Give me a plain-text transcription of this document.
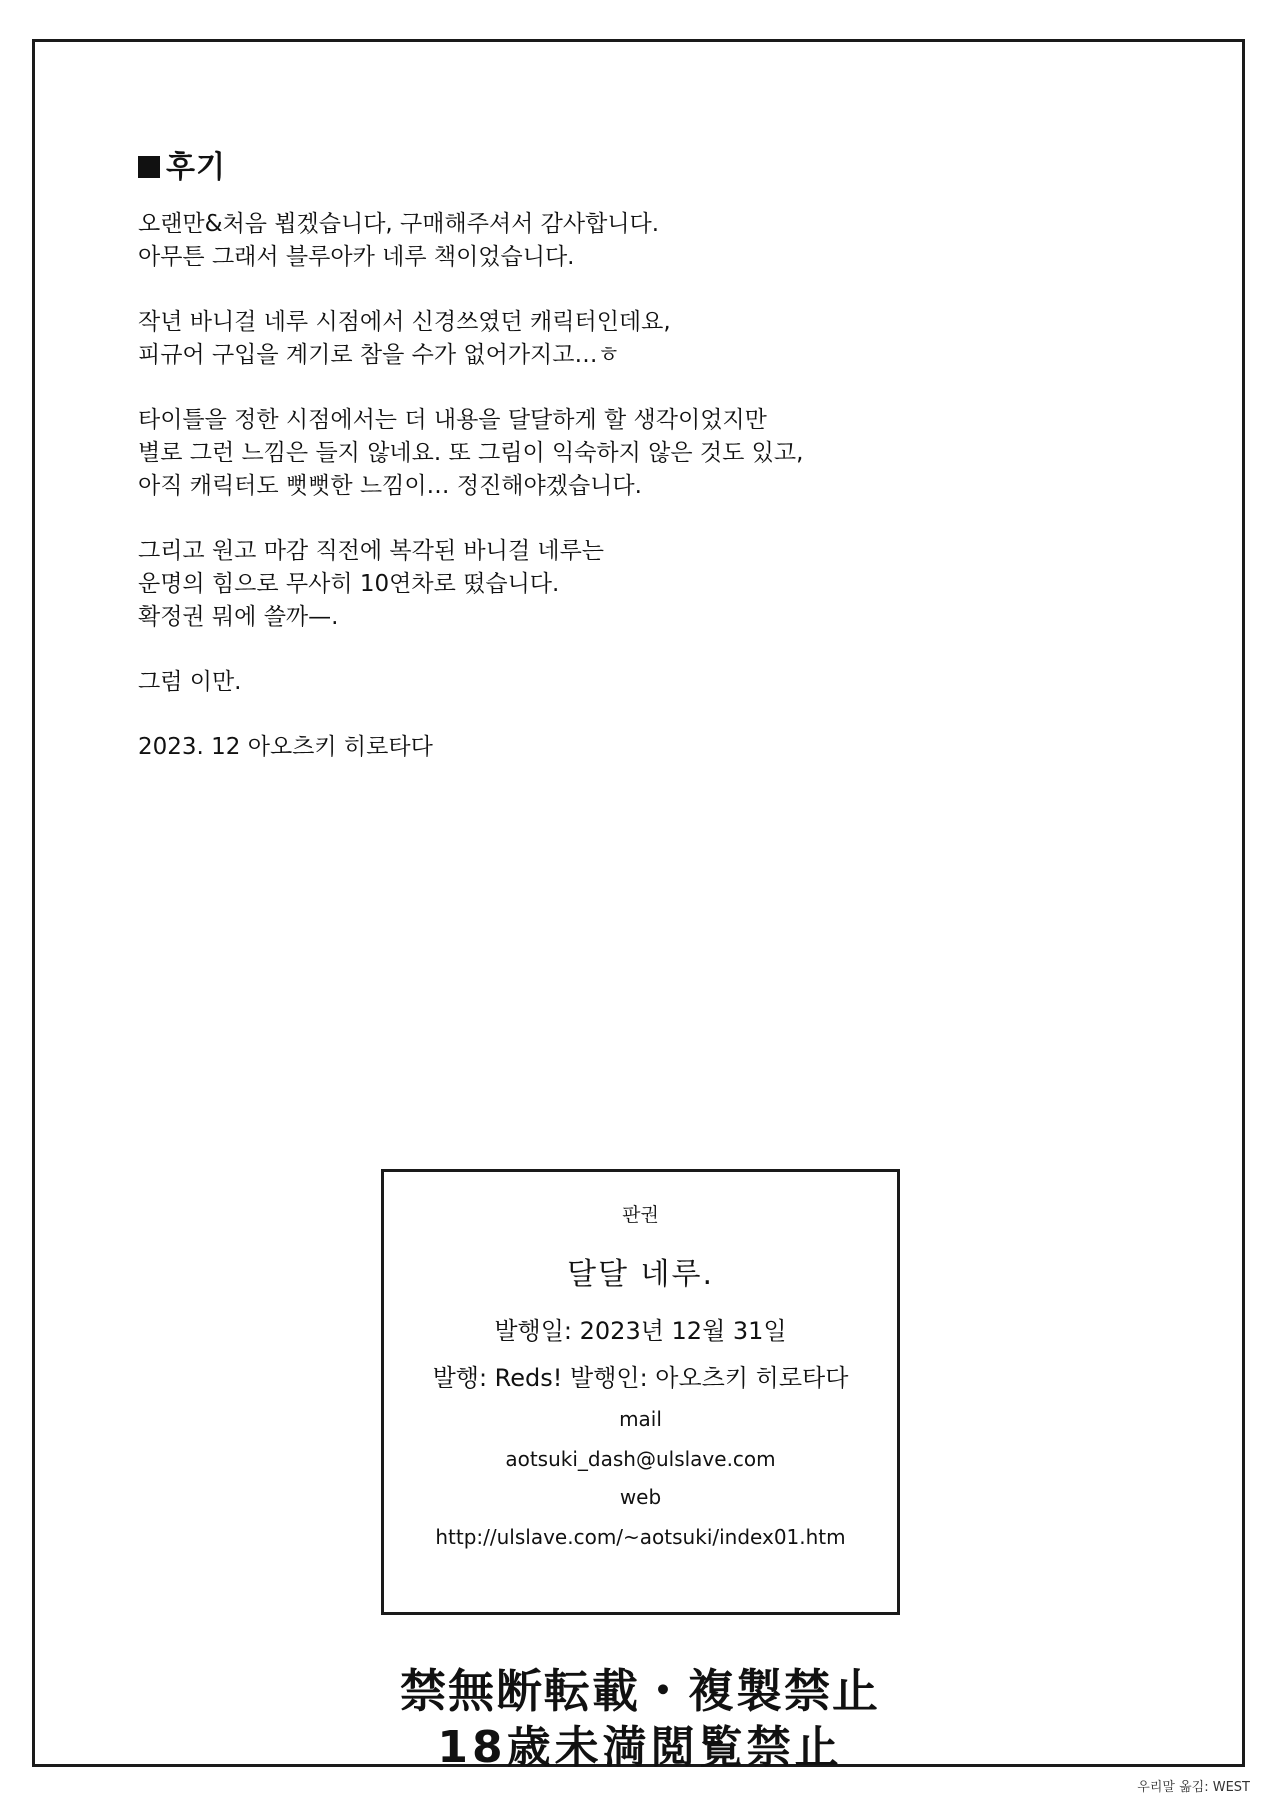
후기
오랜만&처음 뵙겠습니다, 구매해주셔서 감사합니다.
아무튼 그래서 블루아카 네루 책이었습니다.
작년 바니걸 네루 시점에서 신경쓰였던 캐릭터인데요,
피규어 구입을 계기로 참을 수가 없어가지고…ㅎ
타이틀을 정한 시점에서는 더 내용을 달달하게 할 생각이었지만
별로 그런 느낌은 들지 않네요. 또 그림이 익숙하지 않은 것도 있고,
아직 캐릭터도 뻣뻣한 느낌이… 정진해야겠습니다.
그리고 원고 마감 직전에 복각된 바니걸 네루는
운명의 힘으로 무사히 10연차로 떴습니다.
확정권 뭐에 쓸까—.
그럼 이만.
2023. 12 아오츠키 히로타다
판권
달달 네루.
발행일: 2023년 12월 31일
발행: Reds! 발행인: 아오츠키 히로타다
mail
aotsuki_dash@ulslave.com
web
http://ulslave.com/~aotsuki/index01.htm
禁無断転載・複製禁止
18歳未満閲覧禁止
우리말 옮김: WEST
